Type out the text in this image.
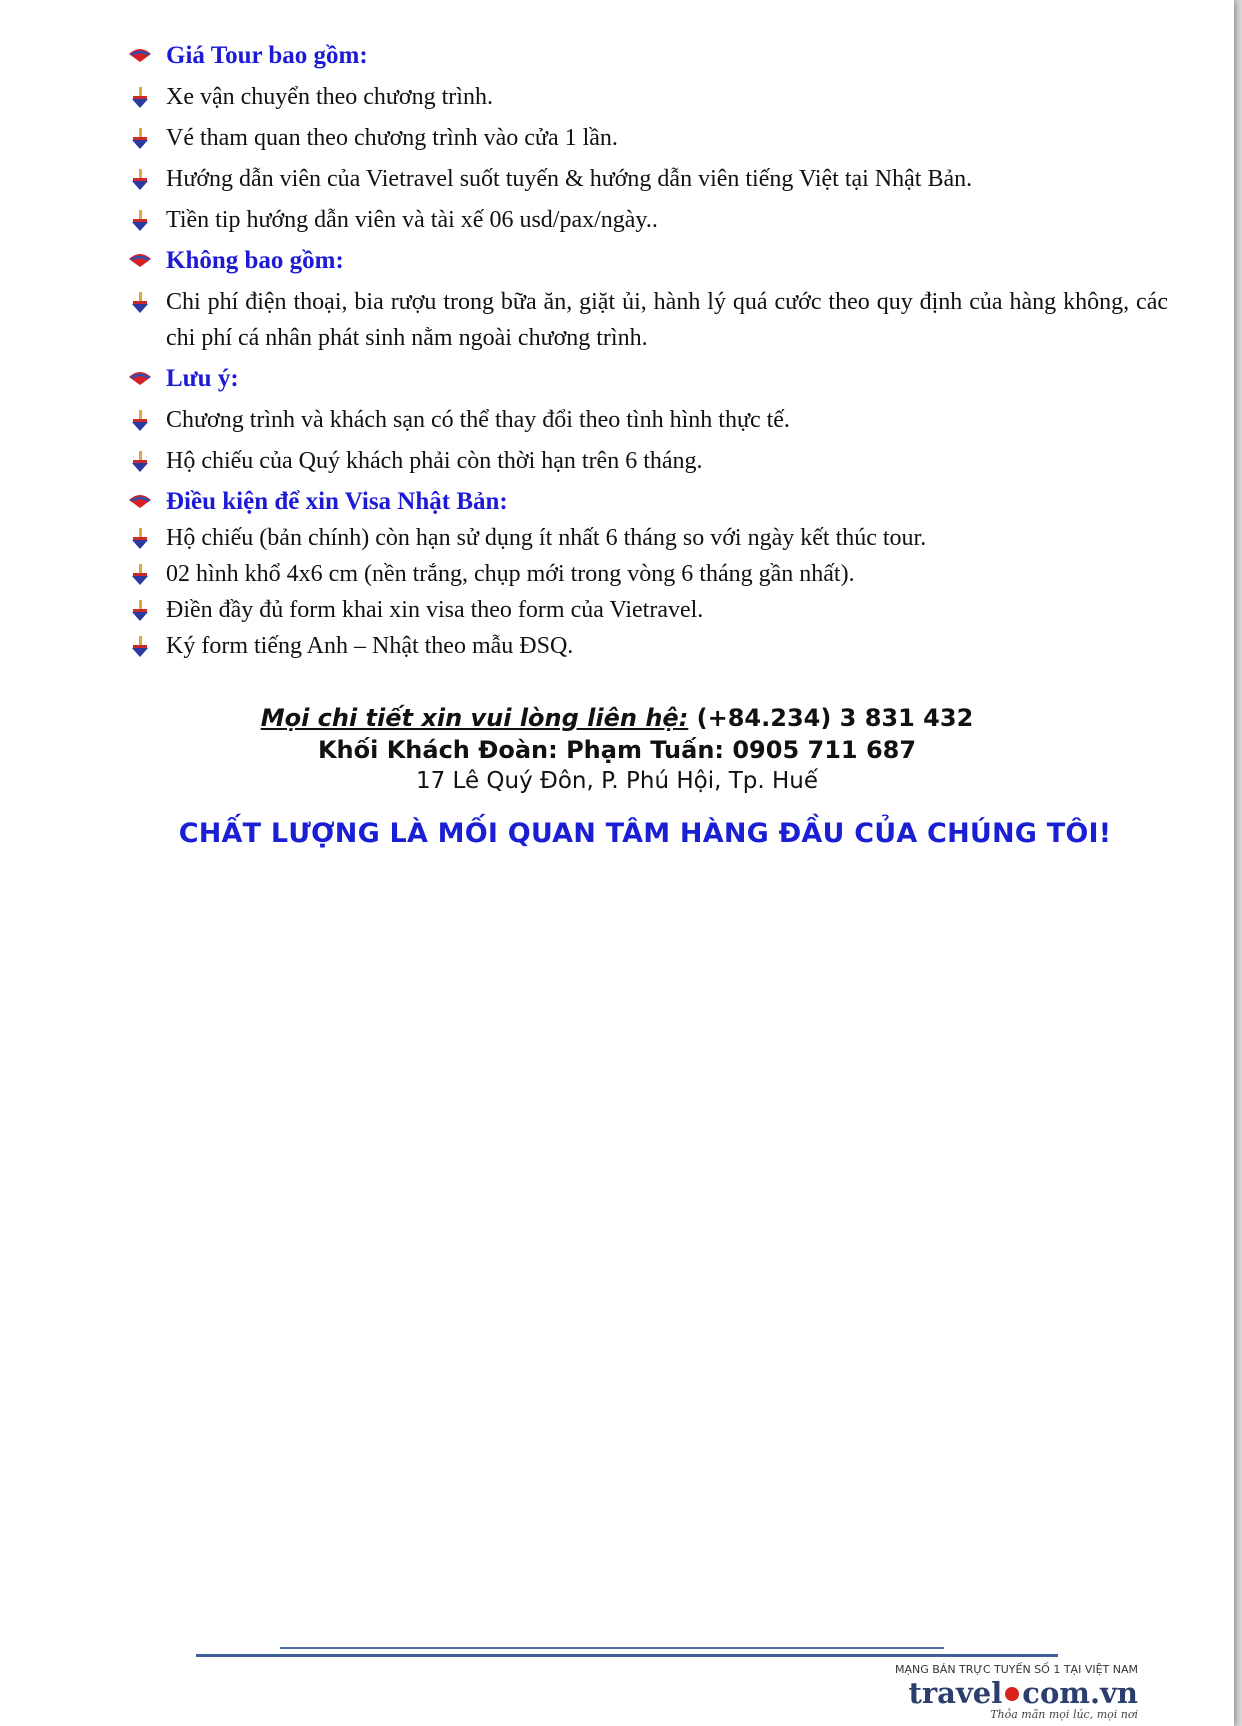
Giá Tour bao gồm:
Xe vận chuyển theo chương trình.
Vé tham quan theo chương trình vào cửa 1 lần.
Hướng dẫn viên của Vietravel suốt tuyến & hướng dẫn viên tiếng Việt tại Nhật Bản.
Tiền tip hướng dẫn viên và tài xế 06 usd/pax/ngày..
Không bao gồm:
Chi phí điện thoại, bia rượu trong bữa ăn, giặt ủi, hành lý quá cước theo quy định của hàng không, các chi phí cá nhân phát sinh nằm ngoài chương trình.
Lưu ý:
Chương trình và khách sạn có thể thay đổi theo tình hình thực tế.
Hộ chiếu của Quý khách phải còn thời hạn trên 6 tháng.
Điều kiện để xin Visa Nhật Bản:
Hộ chiếu (bản chính) còn hạn sử dụng ít nhất 6 tháng so với ngày kết thúc tour.
02 hình khổ 4x6 cm (nền trắng, chụp mới trong vòng 6 tháng gần nhất).
Điền đầy đủ form khai xin visa theo form của Vietravel.
Ký form tiếng Anh – Nhật theo mẫu ĐSQ.
Mọi chi tiết xin vui lòng liên hệ: (+84.234) 3 831 432
Khối Khách Đoàn: Phạm Tuấn: 0905 711 687
17 Lê Quý Đôn, P. Phú Hội, Tp. Huế
CHẤT LƯỢNG LÀ MỐI QUAN TÂM HÀNG ĐẦU CỦA CHÚNG TÔI!
MẠNG BÁN TRỰC TUYẾN SỐ 1 TẠI VIỆT NAM
travel com.vn
Thỏa mãn mọi lúc, mọi nơi
